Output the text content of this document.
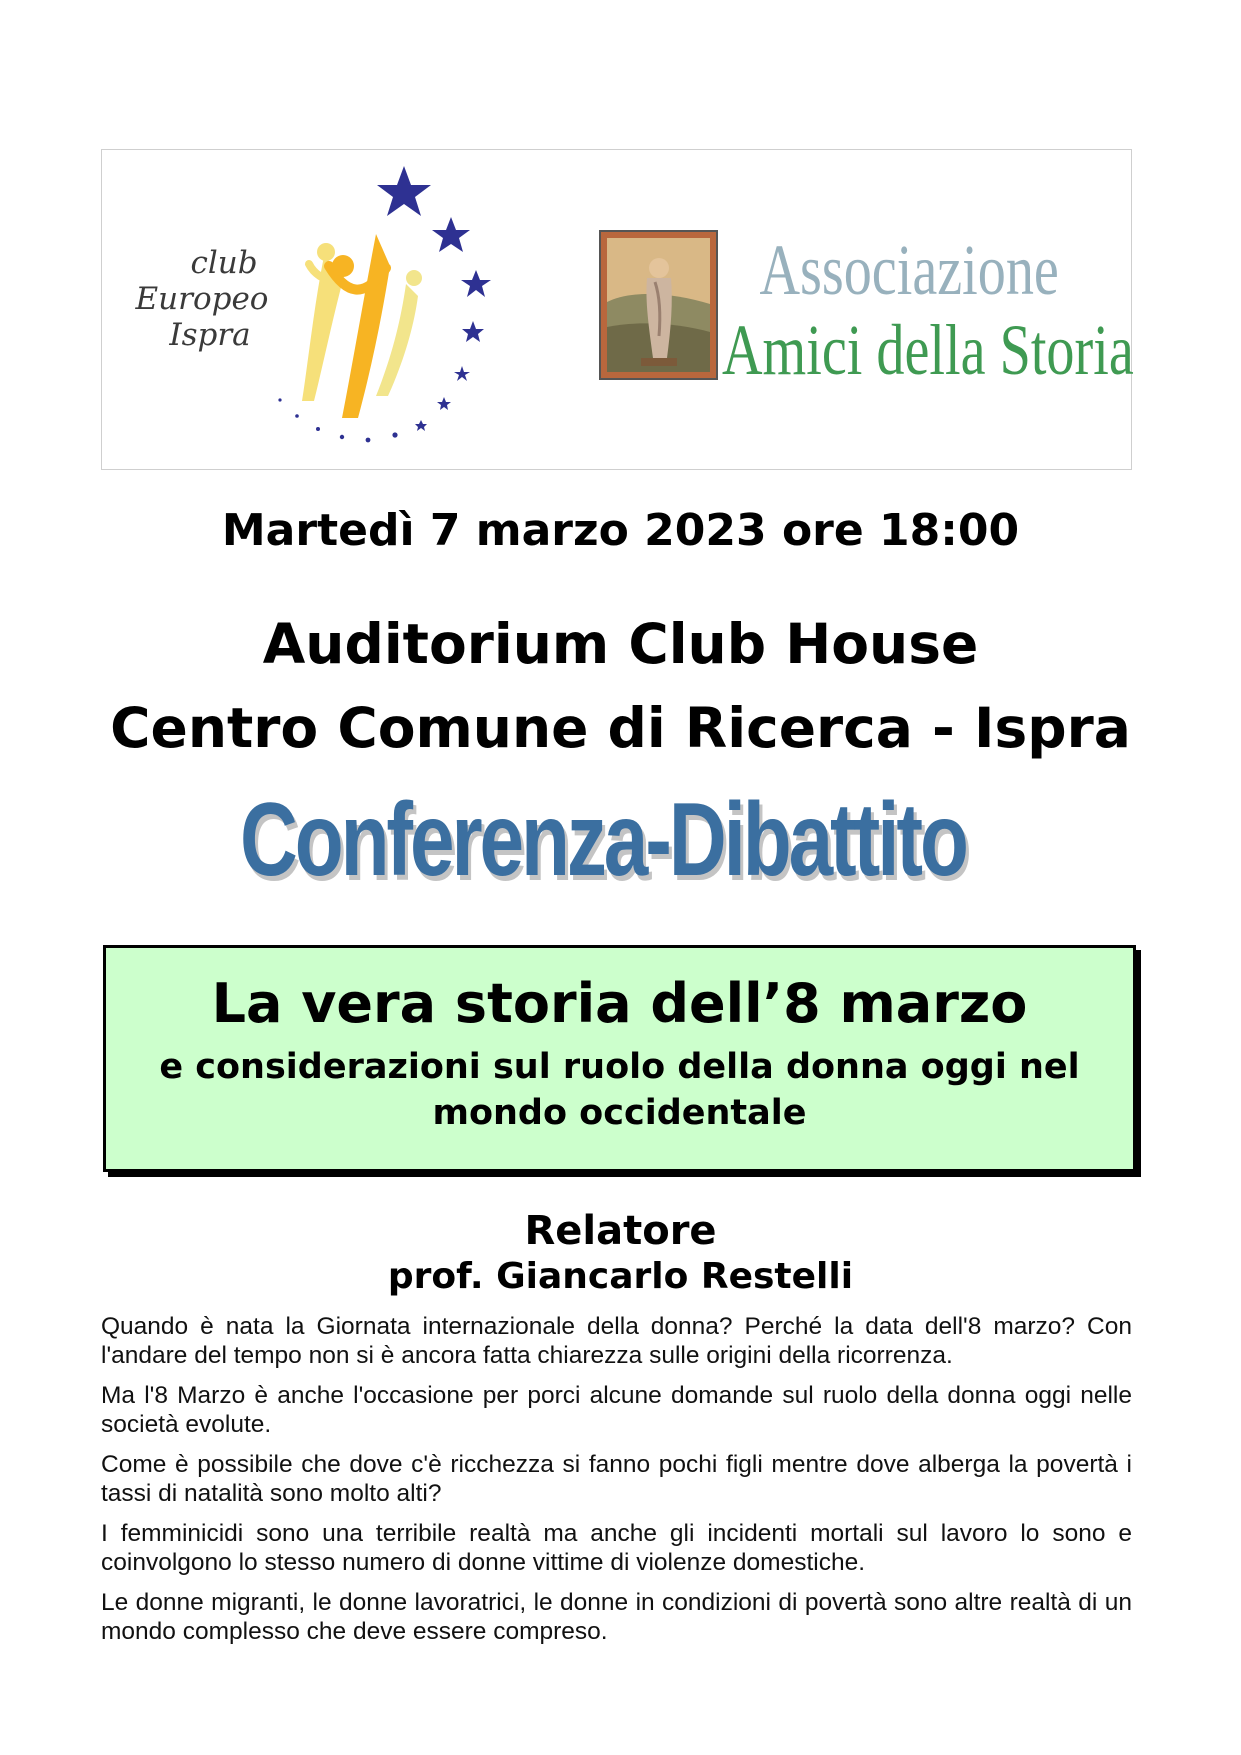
club
Europeo
Ispra
Associazione
Amici della Storia
Martedì 7 marzo 2023 ore 18:00
Auditorium Club House
Centro Comune di Ricerca - Ispra
Conferenza-Dibattito
La vera storia dell’8 marzo
e considerazioni sul ruolo della donna oggi nel mondo occidentale
Relatore
prof. Giancarlo Restelli

Quando è nata la Giornata internazionale della donna? Perché la data dell'8 marzo? Con l'andare del tempo non si è ancora fatta chiarezza sulle origini della ricorrenza.

Ma l'8 Marzo è anche l'occasione per porci alcune domande sul ruolo della donna oggi nelle società evolute.

Come è possibile che dove c'è ricchezza si fanno pochi figli mentre dove alberga la povertà i tassi di natalità sono molto alti?

I femminicidi sono una terribile realtà ma anche gli incidenti mortali sul lavoro lo sono e coinvolgono lo stesso numero di donne vittime di violenze domestiche.

Le donne migranti, le donne lavoratrici, le donne in condizioni di povertà sono altre realtà di un mondo complesso che deve essere compreso.
